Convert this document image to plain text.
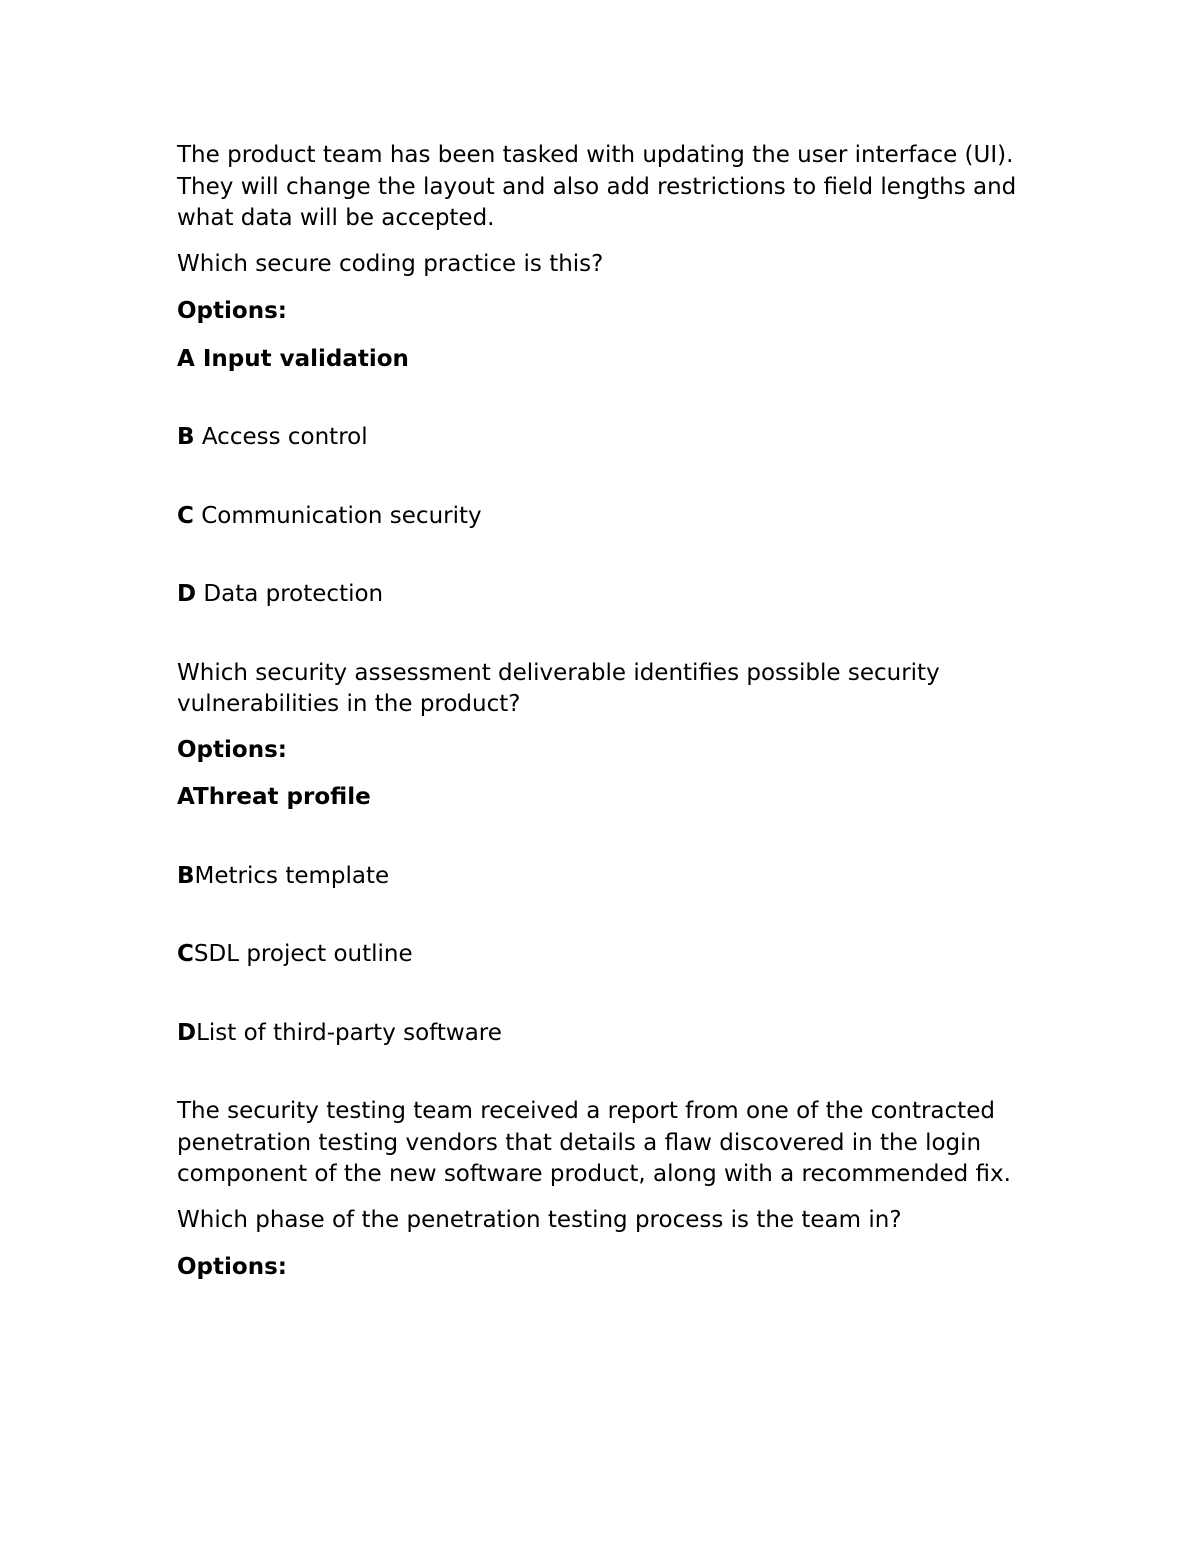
The product team has been tasked with updating the user interface (UI). They will change the layout and also add restrictions to field lengths and what data will be accepted.

Which secure coding practice is this?

Options:

A Input validation

B Access control

C Communication security

D Data protection

Which security assessment deliverable identifies possible security vulnerabilities in the product?

Options:

AThreat profile

BMetrics template

CSDL project outline

DList of third-party software

The security testing team received a report from one of the contracted penetration testing vendors that details a flaw discovered in the login component of the new software product, along with a recommended fix.

Which phase of the penetration testing process is the team in?

Options:
